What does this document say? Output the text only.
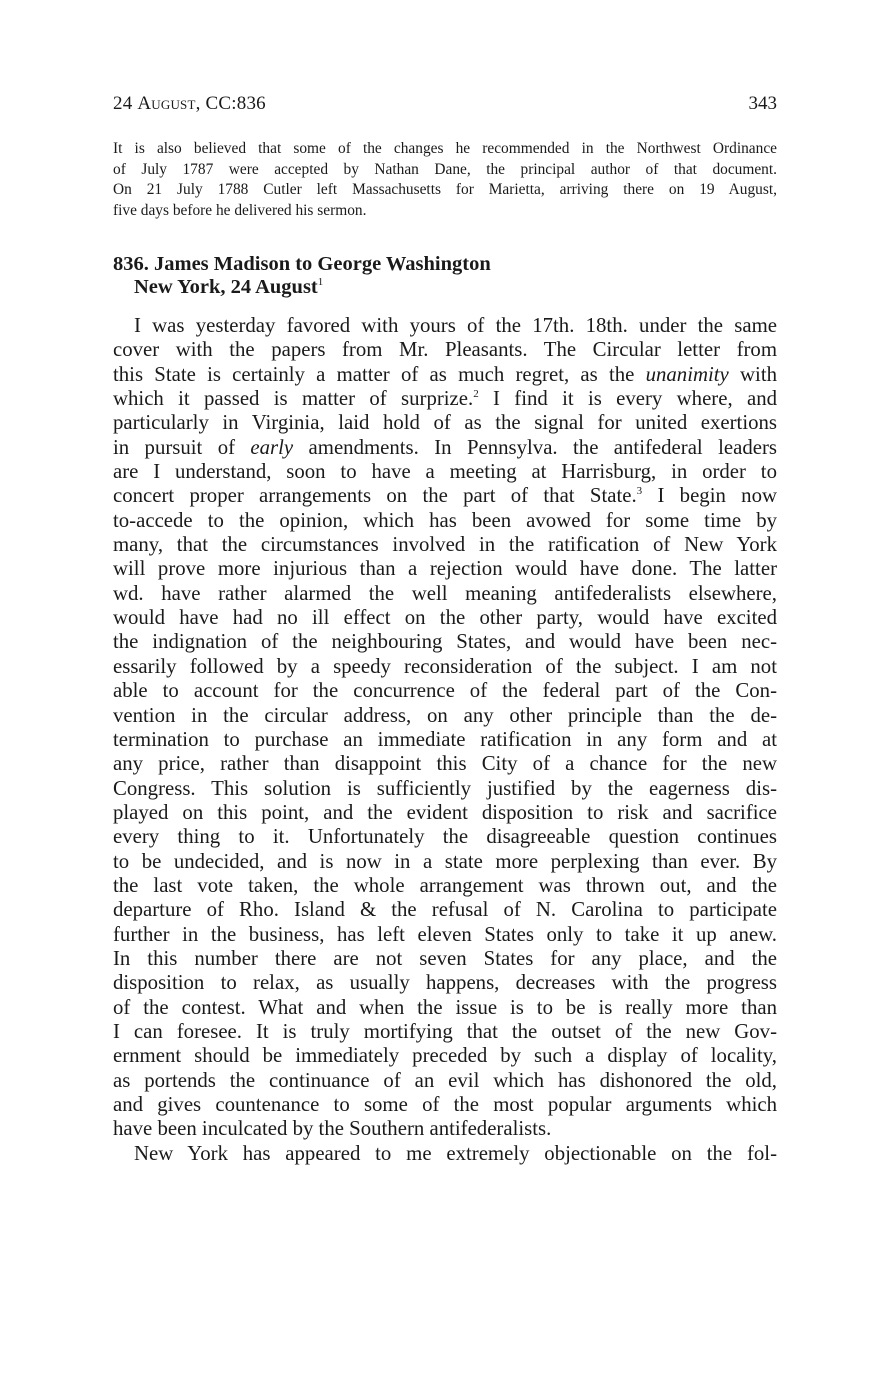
24 August, CC:836	343
It is also believed that some of the changes he recommended in the Northwest Ordinance
of July 1787 were accepted by Nathan Dane, the principal author of that document.
On 21 July 1788 Cutler left Massachusetts for Marietta, arriving there on 19 August,
five days before he delivered his sermon.
836. James Madison to George Washington
New York, 24 August$^1$
I was yesterday favored with yours of the 17th. 18th. under the same
cover with the papers from Mr. Pleasants. The Circular letter from
this State is certainly a matter of as much regret, as the unanimity with
which it passed is matter of surprize.$^2$ I find it is every where, and
particularly in Virginia, laid hold of as the signal for united exertions
in pursuit of early amendments. In Pennsylva. the antifederal leaders
are I understand, soon to have a meeting at Harrisburg, in order to
concert proper arrangements on the part of that State.$^3$ I begin now
to-accede to the opinion, which has been avowed for some time by
many, that the circumstances involved in the ratification of New York
will prove more injurious than a rejection would have done. The latter
wd. have rather alarmed the well meaning antifederalists elsewhere,
would have had no ill effect on the other party, would have excited
the indignation of the neighbouring States, and would have been nec-
essarily followed by a speedy reconsideration of the subject. I am not
able to account for the concurrence of the federal part of the Con-
vention in the circular address, on any other principle than the de-
termination to purchase an immediate ratification in any form and at
any price, rather than disappoint this City of a chance for the new
Congress. This solution is sufficiently justified by the eagerness dis-
played on this point, and the evident disposition to risk and sacrifice
every thing to it. Unfortunately the disagreeable question continues
to be undecided, and is now in a state more perplexing than ever. By
the last vote taken, the whole arrangement was thrown out, and the
departure of Rho. Island & the refusal of N. Carolina to participate
further in the business, has left eleven States only to take it up anew.
In this number there are not seven States for any place, and the
disposition to relax, as usually happens, decreases with the progress
of the contest. What and when the issue is to be is really more than
I can foresee. It is truly mortifying that the outset of the new Gov-
ernment should be immediately preceded by such a display of locality,
as portends the continuance of an evil which has dishonored the old,
and gives countenance to some of the most popular arguments which
have been inculcated by the Southern antifederalists.
New York has appeared to me extremely objectionable on the fol-
